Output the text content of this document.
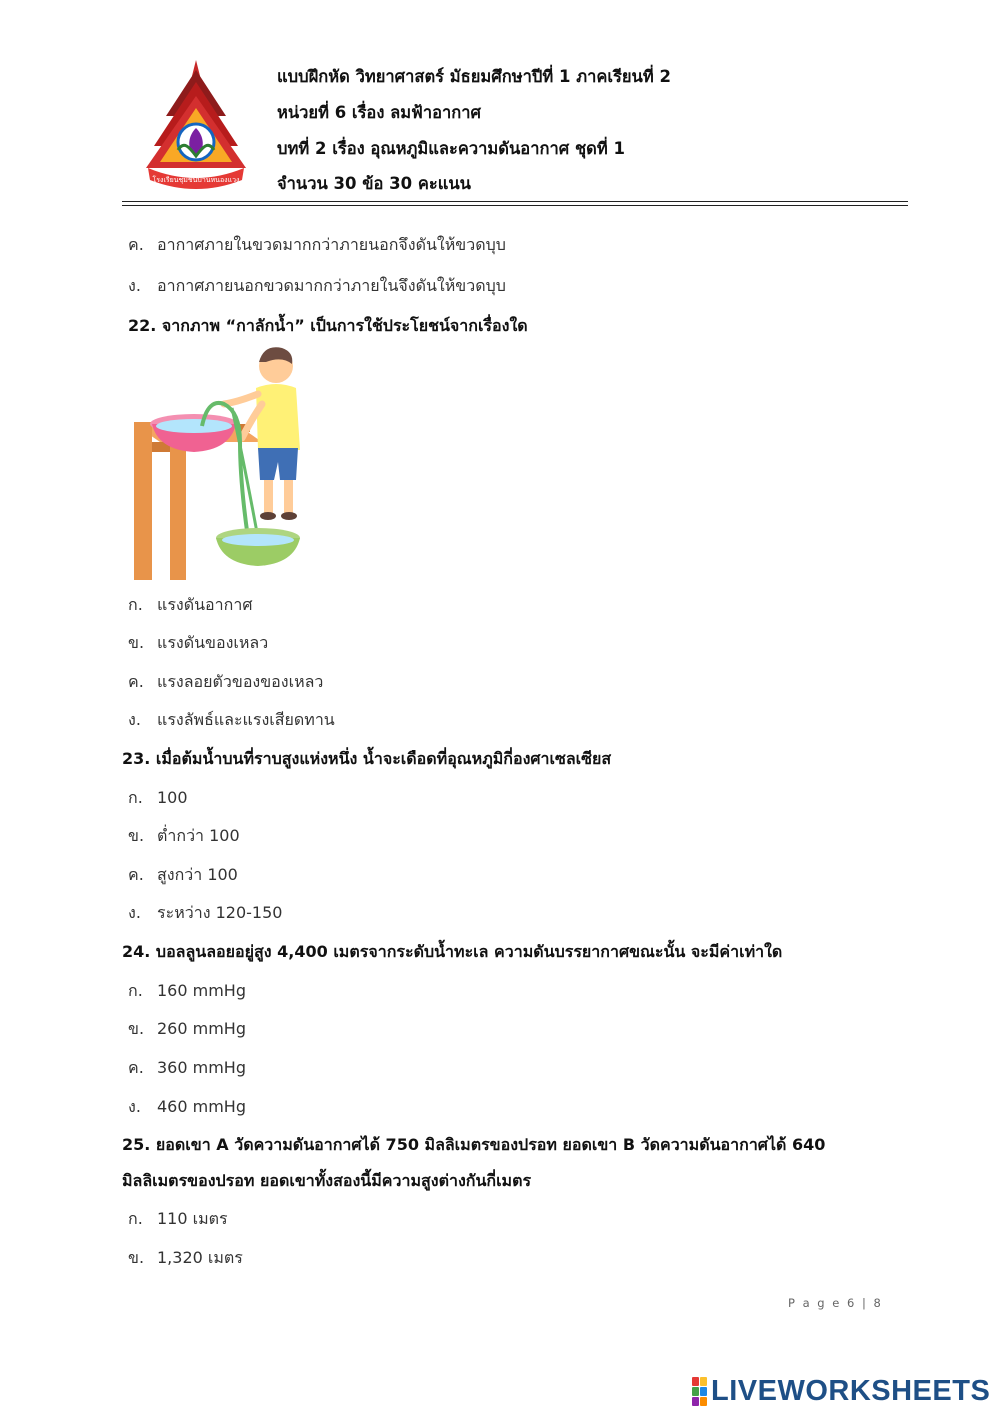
โรงเรียนชุมชนบ้านหนองแวง
แบบฝึกหัด วิทยาศาสตร์ มัธยมศึกษาปีที่ 1 ภาคเรียนที่ 2
หน่วยที่ 6 เรื่อง ลมฟ้าอากาศ
บทที่ 2 เรื่อง อุณหภูมิและความดันอากาศ ชุดที่ 1
จำนวน 30 ข้อ 30 คะแนน
ค. อากาศภายในขวดมากกว่าภายนอกจึงดันให้ขวดบุบ
ง. อากาศภายนอกขวดมากกว่าภายในจึงดันให้ขวดบุบ
22. จากภาพ “กาลักน้ำ” เป็นการใช้ประโยชน์จากเรื่องใด
ก. แรงดันอากาศ
ข. แรงดันของเหลว
ค. แรงลอยตัวของของเหลว
ง. แรงลัพธ์และแรงเสียดทาน
23. เมื่อต้มน้ำบนที่ราบสูงแห่งหนึ่ง น้ำจะเดือดที่อุณหภูมิกี่องศาเซลเซียส
ก. 100
ข. ต่ำกว่า 100
ค. สูงกว่า 100
ง. ระหว่าง 120-150
24. บอลลูนลอยอยู่สูง 4,400 เมตรจากระดับน้ำทะเล ความดันบรรยากาศขณะนั้น จะมีค่าเท่าใด
ก. 160 mmHg
ข. 260 mmHg
ค. 360 mmHg
ง. 460 mmHg
25. ยอดเขา A วัดความดันอากาศได้ 750 มิลลิเมตรของปรอท ยอดเขา B วัดความดันอากาศได้ 640
มิลลิเมตรของปรอท ยอดเขาทั้งสองนี้มีความสูงต่างกันกี่เมตร
ก. 110 เมตร
ข. 1,320 เมตร
P a g e 6 | 8
LIVEWORKSHEETS
